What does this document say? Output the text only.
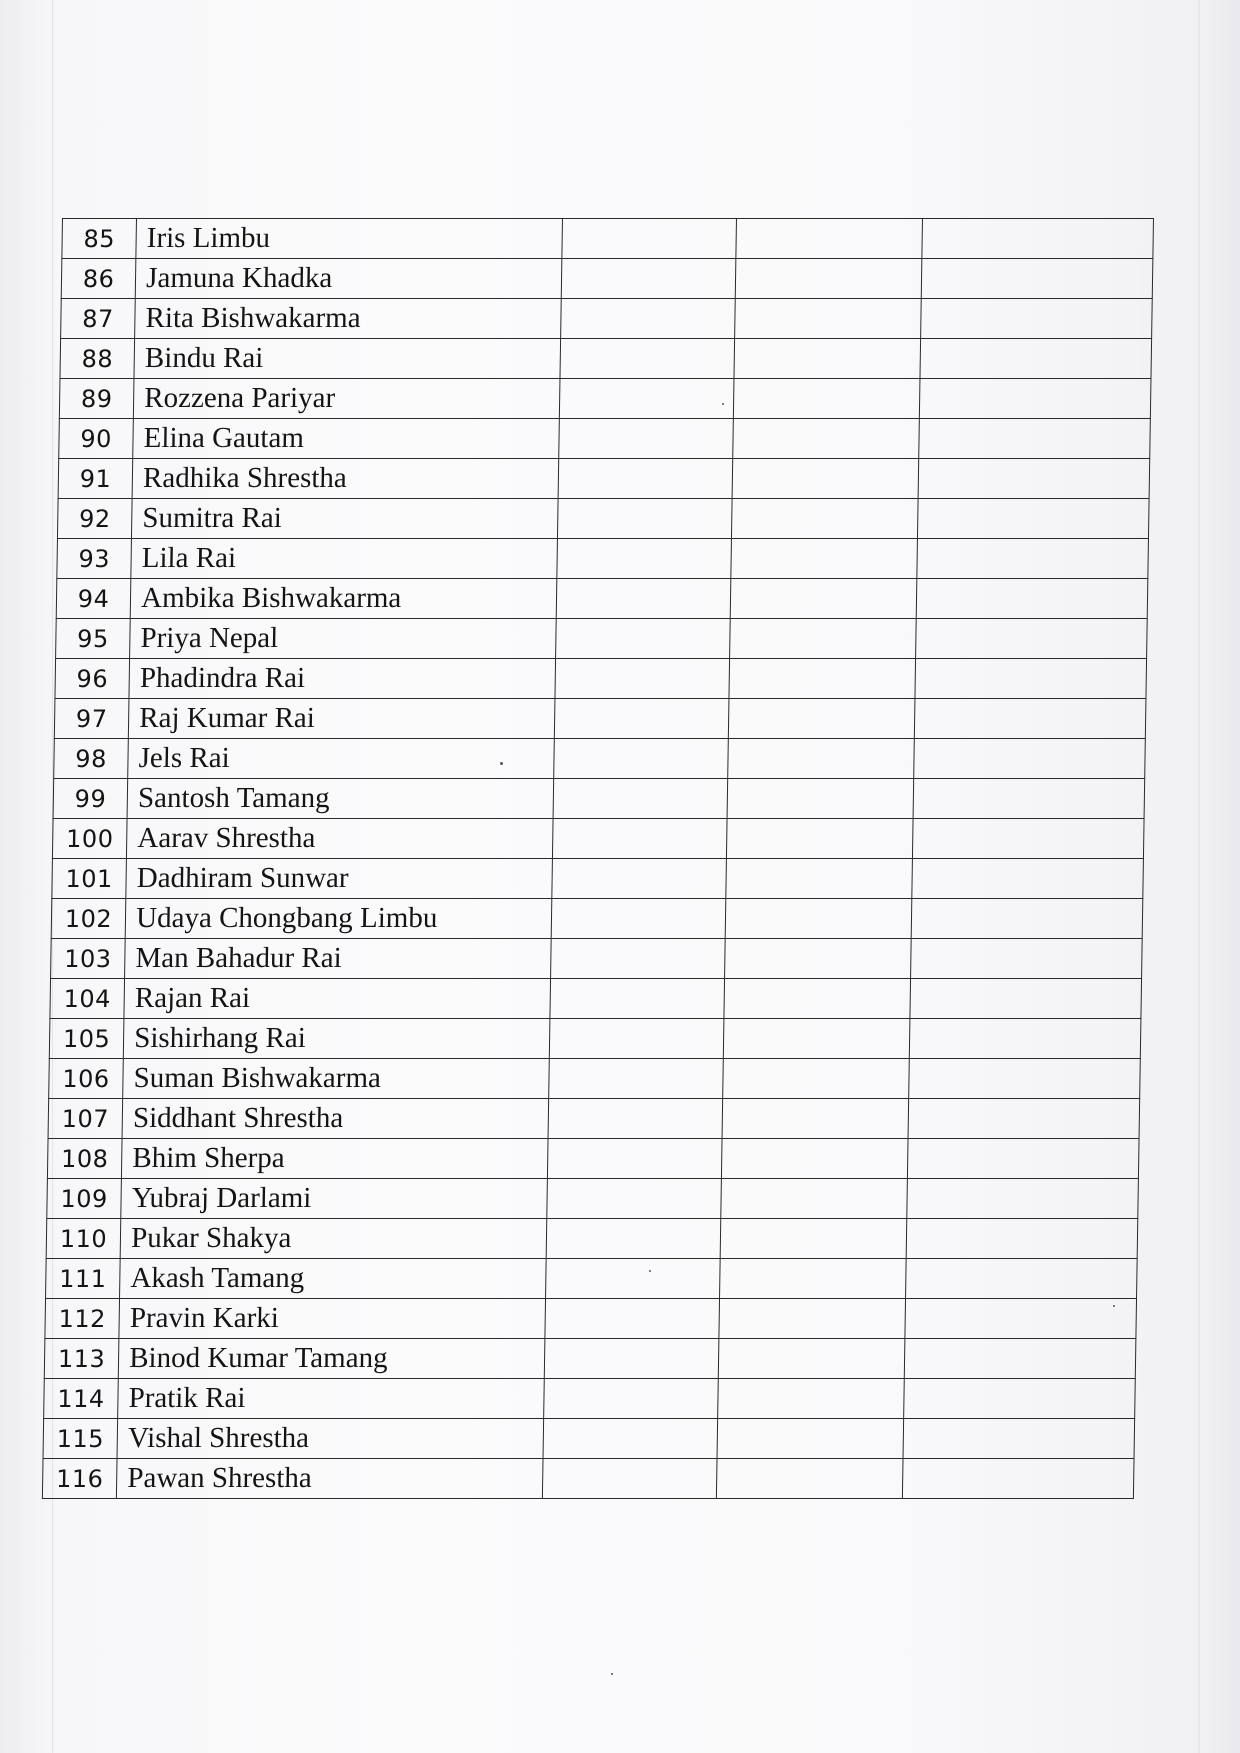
85	Iris Limbu			
86	Jamuna Khadka			
87	Rita Bishwakarma			
88	Bindu Rai			
89	Rozzena Pariyar			
90	Elina Gautam			
91	Radhika Shrestha			
92	Sumitra Rai			
93	Lila Rai			
94	Ambika Bishwakarma			
95	Priya Nepal			
96	Phadindra Rai			
97	Raj Kumar Rai			
98	Jels Rai			
99	Santosh Tamang			
100	Aarav Shrestha			
101	Dadhiram Sunwar			
102	Udaya Chongbang Limbu			
103	Man Bahadur Rai			
104	Rajan Rai			
105	Sishirhang Rai			
106	Suman Bishwakarma			
107	Siddhant Shrestha			
108	Bhim Sherpa			
109	Yubraj Darlami			
110	Pukar Shakya			
111	Akash Tamang			
112	Pravin Karki			
113	Binod Kumar Tamang			
114	Pratik Rai			
115	Vishal Shrestha			
116	Pawan Shrestha			
